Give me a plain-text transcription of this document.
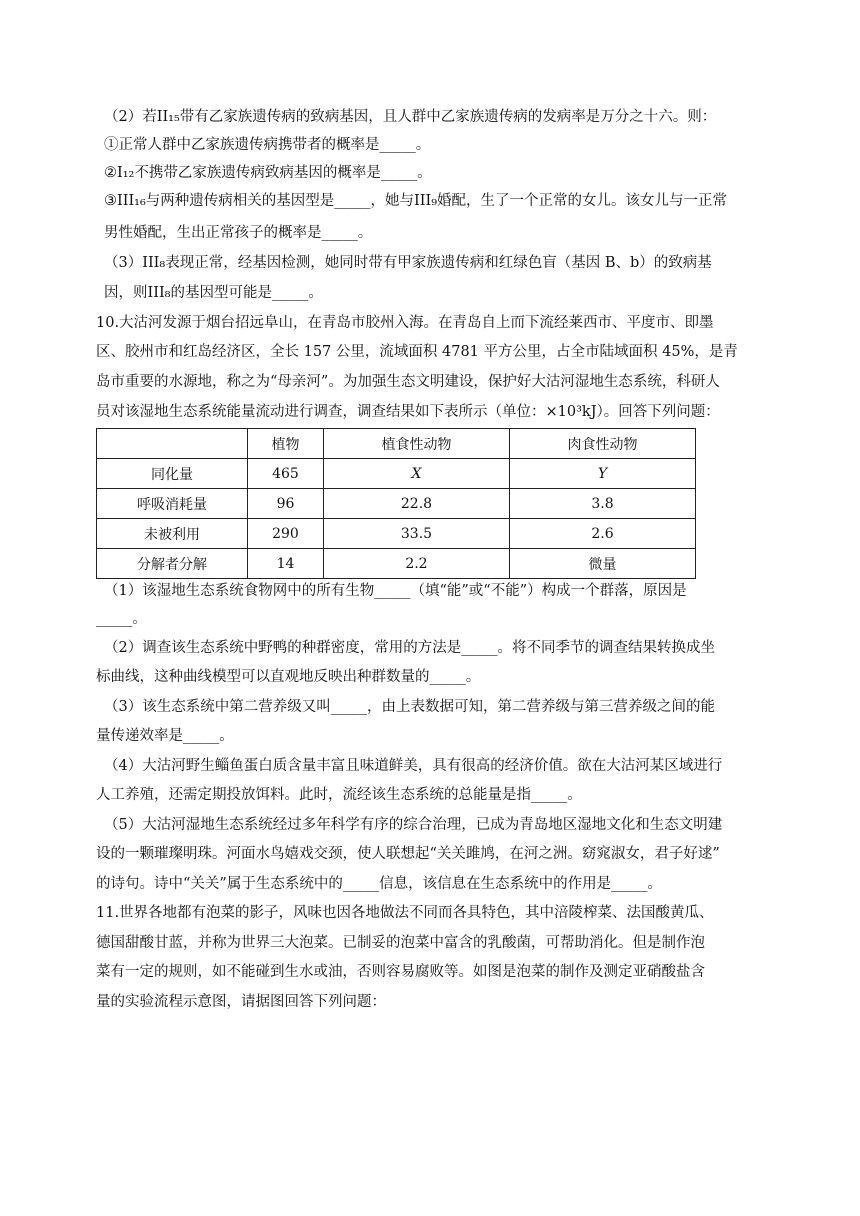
（2）若II₁₅带有乙家族遗传病的致病基因，且人群中乙家族遗传病的发病率是万分之十六。则：
①正常人群中乙家族遗传病携带者的概率是_____。
②I₁₂不携带乙家族遗传病致病基因的概率是_____。
③III₁₆与两种遗传病相关的基因型是_____，她与III₉婚配，生了一个正常的女儿。该女儿与一正常
男性婚配，生出正常孩子的概率是_____。
（3）III₈表现正常，经基因检测，她同时带有甲家族遗传病和红绿色盲（基因 B、b）的致病基
因，则III₈的基因型可能是_____。
10.大沽河发源于烟台招远阜山，在青岛市胶州入海。在青岛自上而下流经莱西市、平度市、即墨
区、胶州市和红岛经济区，全长 157 公里，流域面积 4781 平方公里，占全市陆域面积 45%，是青
岛市重要的水源地，称之为“母亲河”。为加强生态文明建设，保护好大沽河湿地生态系统，科研人
员对该湿地生态系统能量流动进行调查，调查结果如下表所示（单位：×10³kJ）。回答下列问题：
	植物	植食性动物	肉食性动物
同化量	465	X	Y
呼吸消耗量	96	22.8	3.8
未被利用	290	33.5	2.6
分解者分解	14	2.2	微量
（1）该湿地生态系统食物网中的所有生物_____（填“能”或“不能”）构成一个群落，原因是
_____。
（2）调查该生态系统中野鸭的种群密度，常用的方法是_____。将不同季节的调查结果转换成坐
标曲线，这种曲线模型可以直观地反映出种群数量的_____。
（3）该生态系统中第二营养级又叫_____，由上表数据可知，第二营养级与第三营养级之间的能
量传递效率是_____。
（4）大沽河野生鲻鱼蛋白质含量丰富且味道鲜美，具有很高的经济价值。欲在大沽河某区域进行
人工养殖，还需定期投放饵料。此时，流经该生态系统的总能量是指_____。
（5）大沽河湿地生态系统经过多年科学有序的综合治理，已成为青岛地区湿地文化和生态文明建
设的一颗璀璨明珠。河面水鸟嬉戏交颈，使人联想起“关关雎鸠，在河之洲。窈窕淑女，君子好逑”
的诗句。诗中“关关”属于生态系统中的_____信息，该信息在生态系统中的作用是_____。
11.世界各地都有泡菜的影子，风味也因各地做法不同而各具特色，其中涪陵榨菜、法国酸黄瓜、
德国甜酸甘蓝，并称为世界三大泡菜。已制妥的泡菜中富含的乳酸菌，可帮助消化。但是制作泡
菜有一定的规则，如不能碰到生水或油，否则容易腐败等。如图是泡菜的制作及测定亚硝酸盐含
量的实验流程示意图，请据图回答下列问题：
